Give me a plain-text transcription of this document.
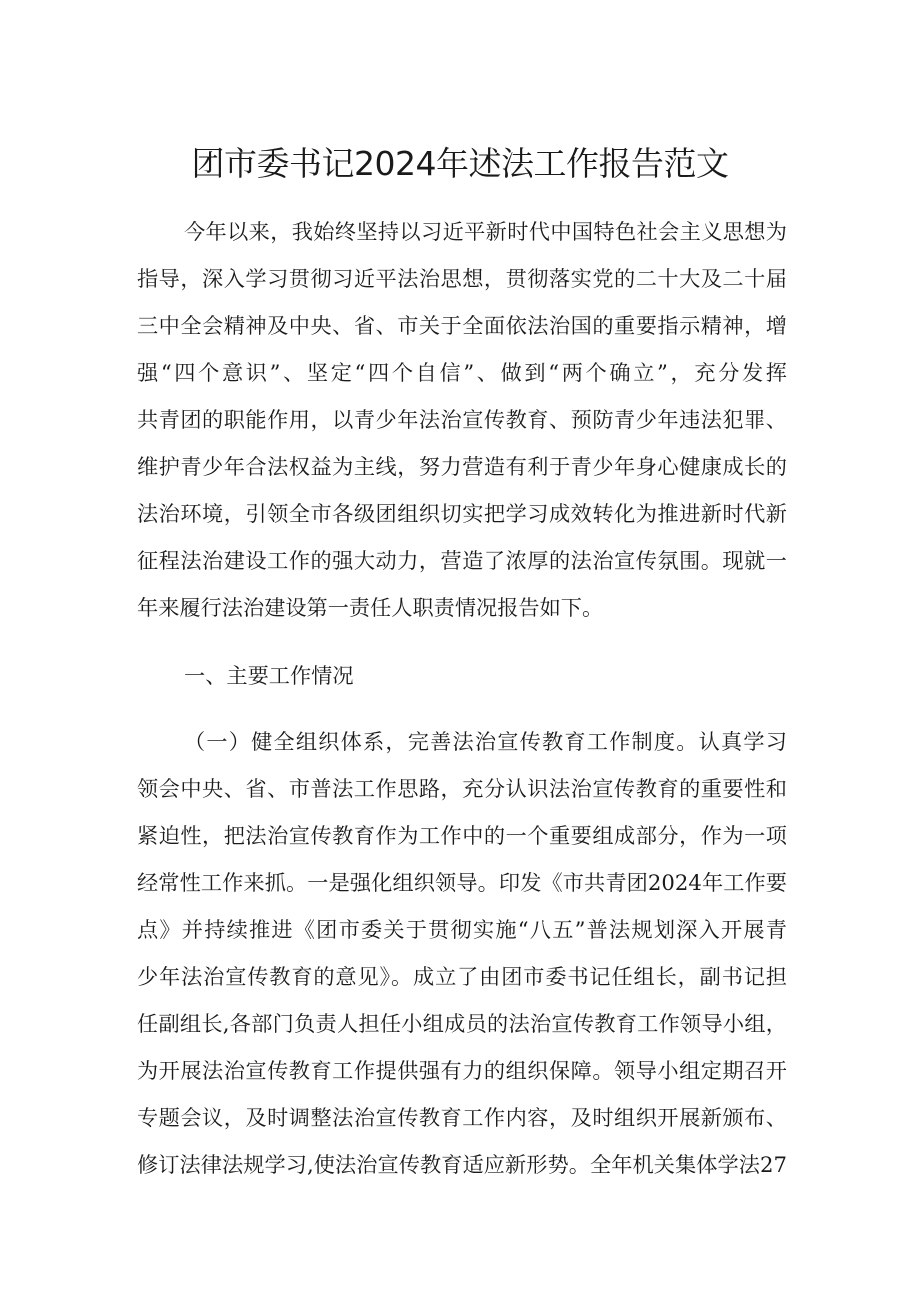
团市委书记2024年述法工作报告范文

今年以来，我始终坚持以习近平新时代中国特色社会主义思想为

指导，深入学习贯彻习近平法治思想，贯彻落实党的二十大及二十届

三中全会精神及中央、省、市关于全面依法治国的重要指示精神，增

强“四个意识”、坚定“四个自信”、做到“两个确立”，充分发挥

共青团的职能作用，以青少年法治宣传教育、预防青少年违法犯罪、

维护青少年合法权益为主线，努力营造有利于青少年身心健康成长的

法治环境，引领全市各级团组织切实把学习成效转化为推进新时代新

征程法治建设工作的强大动力，营造了浓厚的法治宣传氛围。现就一

年来履行法治建设第一责任人职责情况报告如下。

一、主要工作情况

（一）健全组织体系，完善法治宣传教育工作制度。认真学习

领会中央、省、市普法工作思路，充分认识法治宣传教育的重要性和

紧迫性，把法治宣传教育作为工作中的一个重要组成部分，作为一项

经常性工作来抓。一是强化组织领导。印发《市共青团2024年工作要

点》并持续推进《团市委关于贯彻实施“八五”普法规划深入开展青

少年法治宣传教育的意见》。成立了由团市委书记任组长，副书记担

任副组长,各部门负责人担任小组成员的法治宣传教育工作领导小组，

为开展法治宣传教育工作提供强有力的组织保障。领导小组定期召开

专题会议，及时调整法治宣传教育工作内容，及时组织开展新颁布、

修订法律法规学习,使法治宣传教育适应新形势。全年机关集体学法27
